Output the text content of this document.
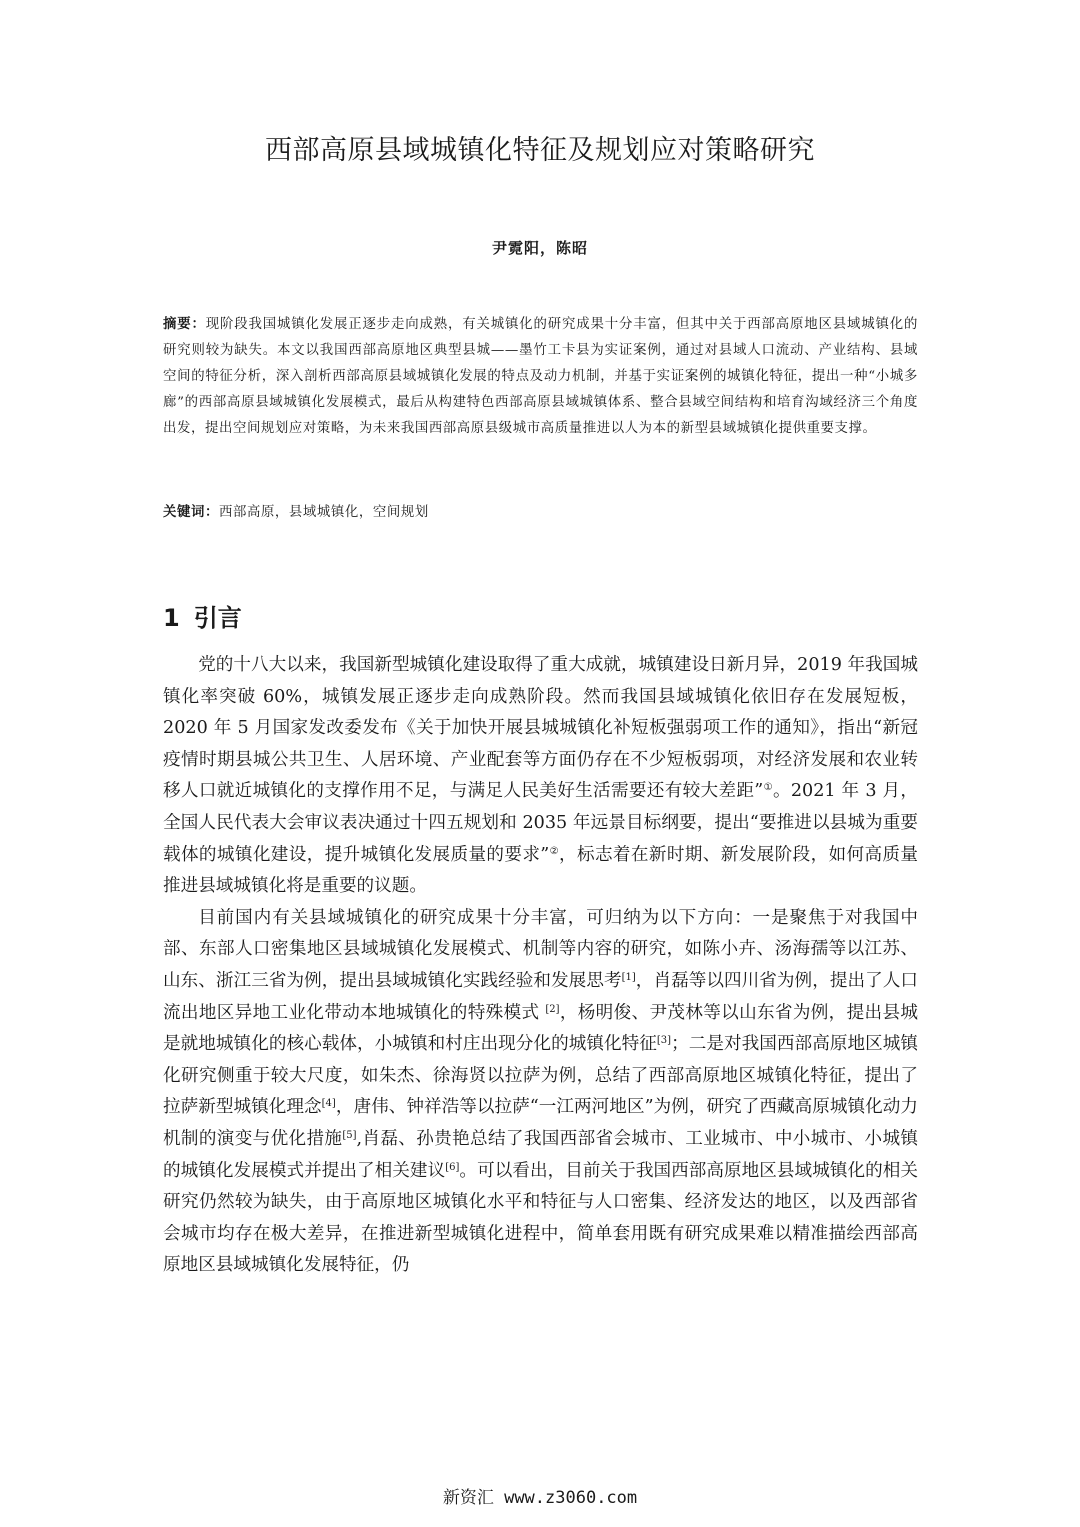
西部高原县域城镇化特征及规划应对策略研究
尹霓阳，陈昭
摘要：现阶段我国城镇化发展正逐步走向成熟，有关城镇化的研究成果十分丰富，但其中关于西部高原地区县域城镇化的研究则较为缺失。本文以我国西部高原地区典型县城——墨竹工卡县为实证案例，通过对县域人口流动、产业结构、县域空间的特征分析，深入剖析西部高原县域城镇化发展的特点及动力机制，并基于实证案例的城镇化特征，提出一种“小城多廊”的西部高原县域城镇化发展模式，最后从构建特色西部高原县域城镇体系、整合县域空间结构和培育沟域经济三个角度出发，提出空间规划应对策略，为未来我国西部高原县级城市高质量推进以人为本的新型县域城镇化提供重要支撑。
关键词：西部高原，县域城镇化，空间规划
1 引言

党的十八大以来，我国新型城镇化建设取得了重大成就，城镇建设日新月异，2019 年我国城镇化率突破 60%，城镇发展正逐步走向成熟阶段。然而我国县域城镇化依旧存在发展短板，2020 年 5 月国家发改委发布《关于加快开展县城城镇化补短板强弱项工作的通知》，指出“新冠疫情时期县城公共卫生、人居环境、产业配套等方面仍存在不少短板弱项，对经济发展和农业转移人口就近城镇化的支撑作用不足，与满足人民美好生活需要还有较大差距”①。2021 年 3 月，全国人民代表大会审议表决通过十四五规划和 2035 年远景目标纲要，提出“要推进以县城为重要载体的城镇化建设，提升城镇化发展质量的要求”②，标志着在新时期、新发展阶段，如何高质量推进县域城镇化将是重要的议题。

目前国内有关县域城镇化的研究成果十分丰富，可归纳为以下方向：一是聚焦于对我国中部、东部人口密集地区县域城镇化发展模式、机制等内容的研究，如陈小卉、汤海孺等以江苏、山东、浙江三省为例，提出县域城镇化实践经验和发展思考[1]，肖磊等以四川省为例，提出了人口流出地区异地工业化带动本地城镇化的特殊模式 [2]，杨明俊、尹茂林等以山东省为例，提出县城是就地城镇化的核心载体，小城镇和村庄出现分化的城镇化特征[3]；二是对我国西部高原地区城镇化研究侧重于较大尺度，如朱杰、徐海贤以拉萨为例，总结了西部高原地区城镇化特征，提出了拉萨新型城镇化理念[4]，唐伟、钟祥浩等以拉萨“一江两河地区”为例，研究了西藏高原城镇化动力机制的演变与优化措施[5],肖磊、孙贵艳总结了我国西部省会城市、工业城市、中小城市、小城镇的城镇化发展模式并提出了相关建议[6]。可以看出，目前关于我国西部高原地区县域城镇化的相关研究仍然较为缺失，由于高原地区城镇化水平和特征与人口密集、经济发达的地区，以及西部省会城市均存在极大差异，在推进新型城镇化进程中，简单套用既有研究成果难以精准描绘西部高原地区县域城镇化发展特征，仍

新资汇 www.z3060.com
